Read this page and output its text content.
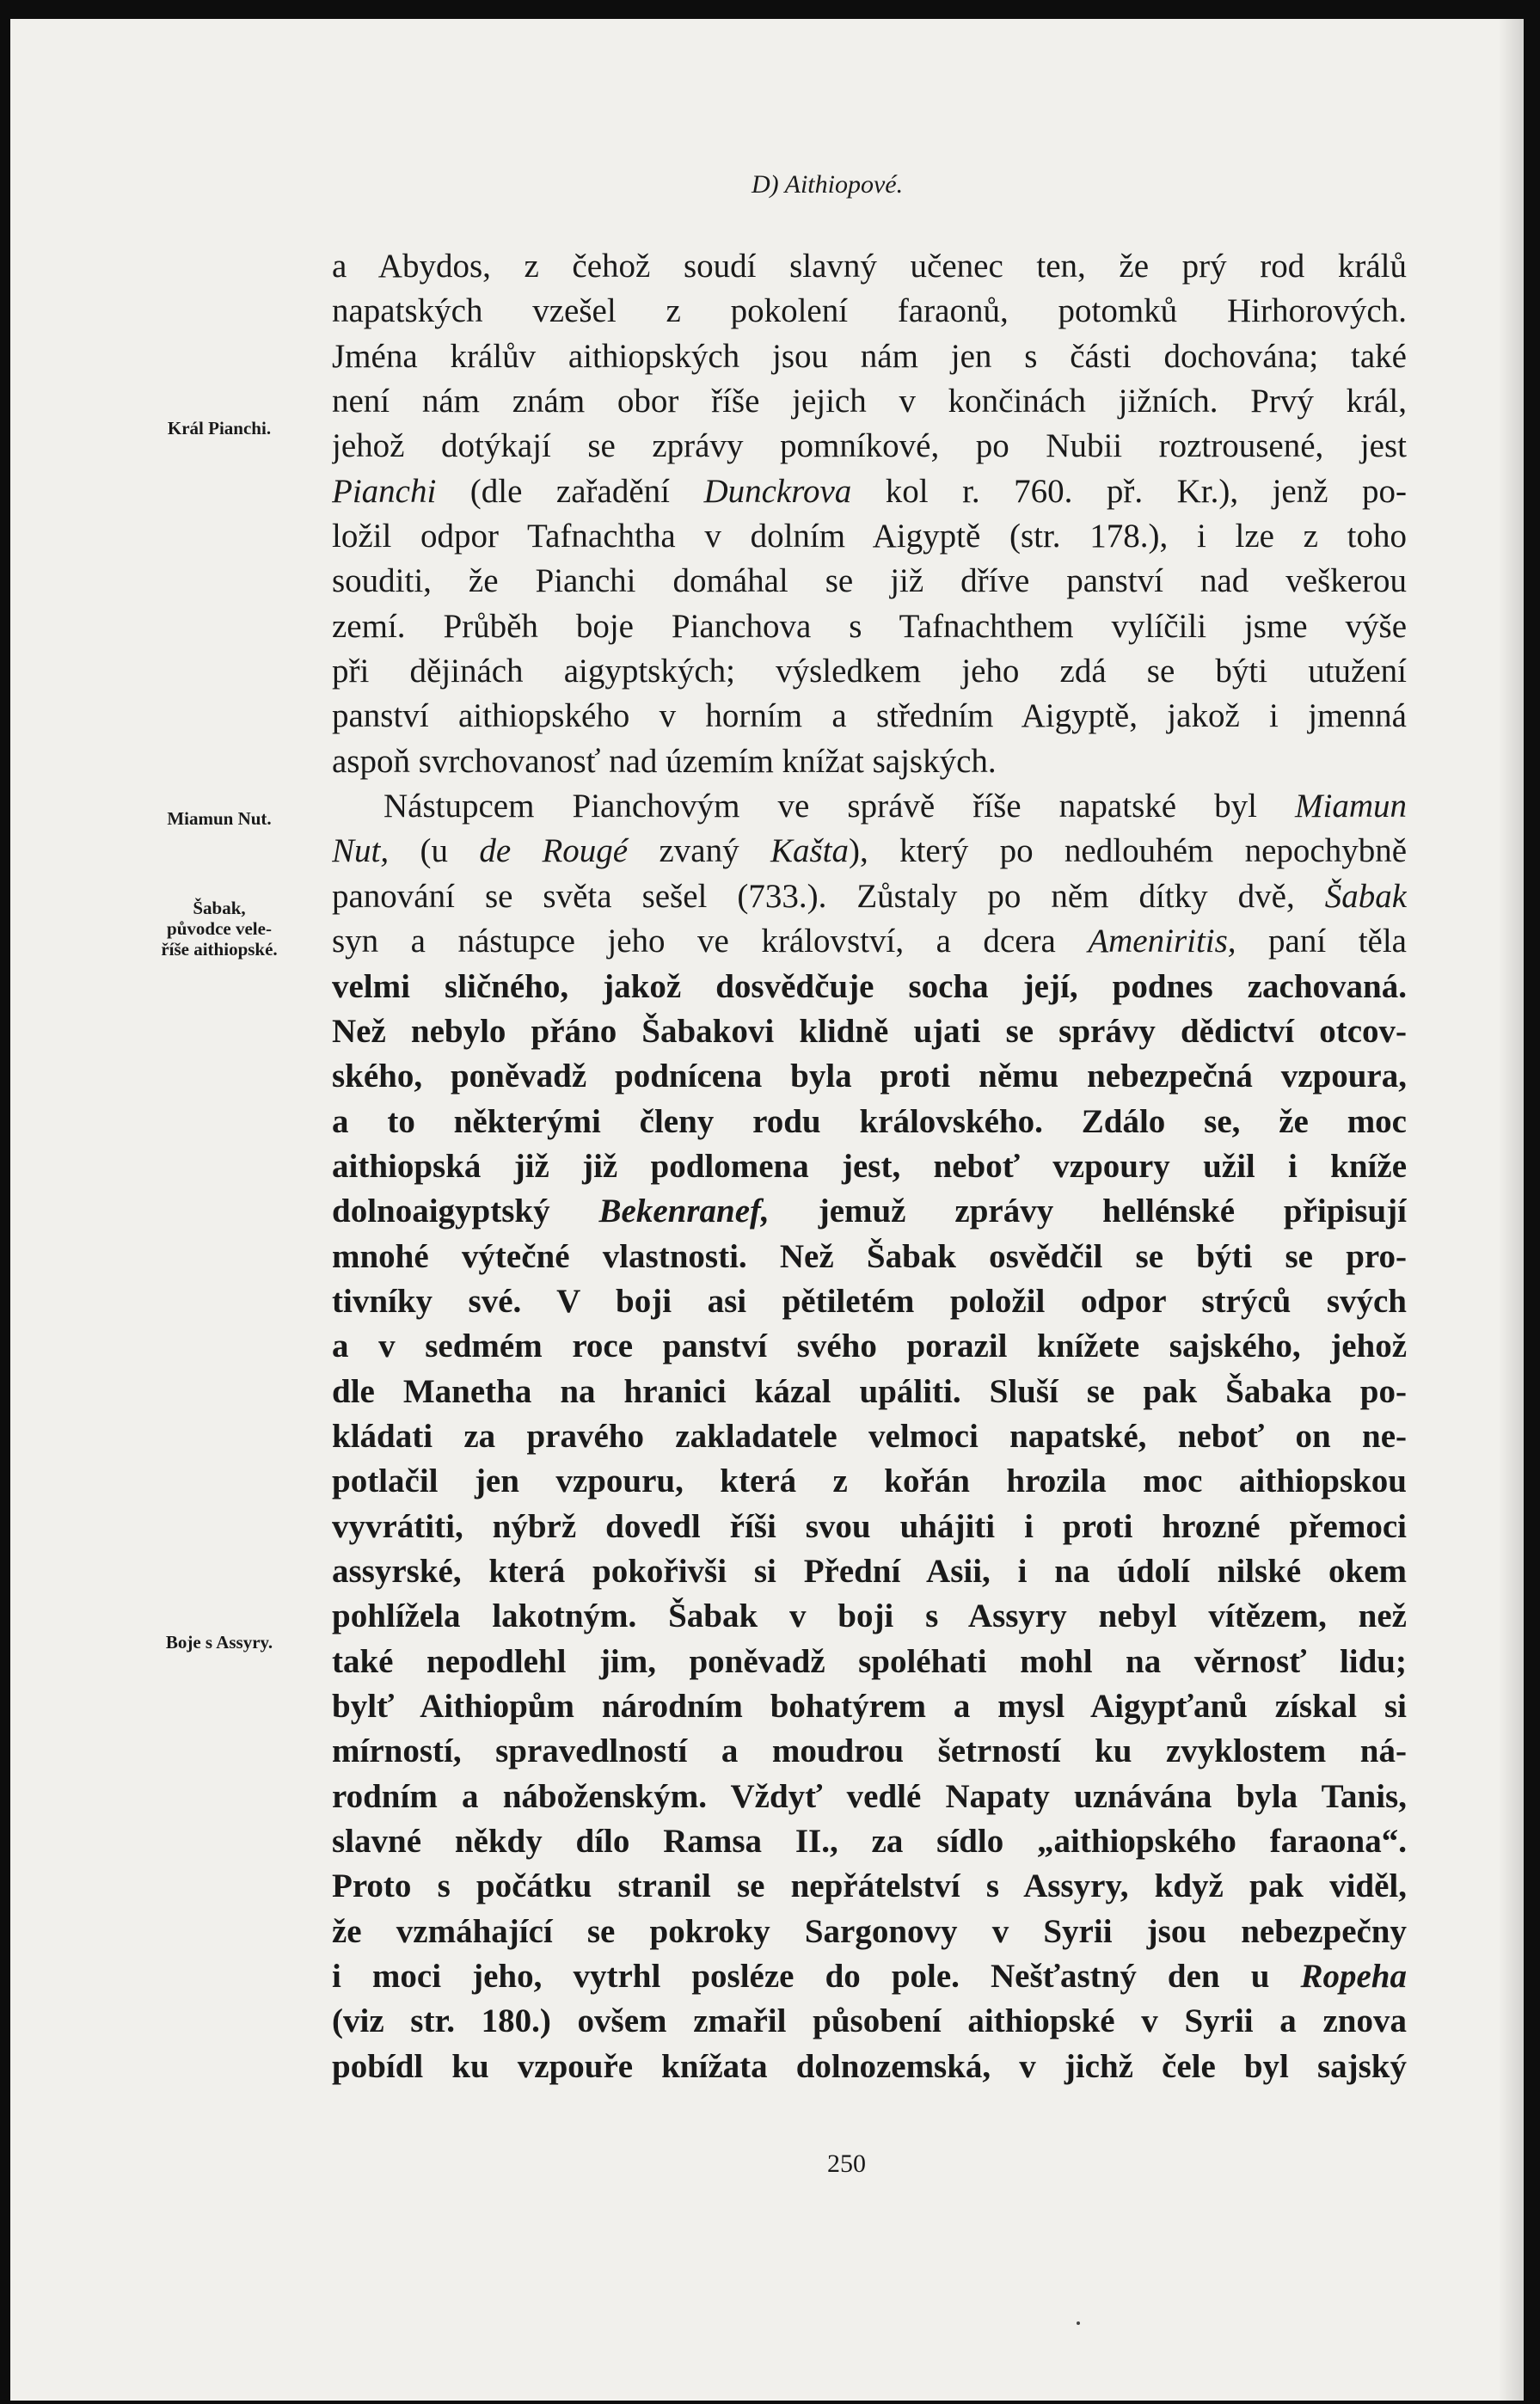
D) Aithiopové.
Král Pianchi.
Miamun Nut.
Šabak,
původce vele-
říše aithiopské.
Boje s Assyry.
a Abydos, z čehož soudí slavný učenec ten, že prý rod králů
napatských vzešel z pokolení faraonů, potomků Hirhorových.
Jména králův aithiopských jsou nám jen s části dochována; také
není nám znám obor říše jejich v končinách jižních. Prvý král,
jehož dotýkají se zprávy pomníkové, po Nubii roztrousené, jest
Pianchi (dle zařadění Dunckrova kol r. 760. př. Kr.), jenž po-
ložil odpor Tafnachtha v dolním Aigyptě (str. 178.), i lze z toho
souditi, že Pianchi domáhal se již dříve panství nad veškerou
zemí. Průběh boje Pianchova s Tafnachthem vylíčili jsme výše
při dějinách aigyptských; výsledkem jeho zdá se býti utužení
panství aithiopského v horním a středním Aigyptě, jakož i jmenná
aspoň svrchovanosť nad územím knížat sajských.
Nástupcem Pianchovým ve správě říše napatské byl Miamun
Nut, (u de Rougé zvaný Kašta), který po nedlouhém nepochybně
panování se světa sešel (733.). Zůstaly po něm dítky dvě, Šabak
syn a nástupce jeho ve království, a dcera Ameniritis, paní těla
velmi sličného, jakož dosvědčuje socha její, podnes zachovaná.
Než nebylo přáno Šabakovi klidně ujati se správy dědictví otcov-
ského, poněvadž podnícena byla proti němu nebezpečná vzpoura,
a to některými členy rodu královského. Zdálo se, že moc
aithiopská již již podlomena jest, neboť vzpoury užil i kníže
dolnoaigyptský Bekenranef, jemuž zprávy hellénské připisují
mnohé výtečné vlastnosti. Než Šabak osvědčil se býti se pro-
tivníky své. V boji asi pětiletém položil odpor strýců svých
a v sedmém roce panství svého porazil knížete sajského, jehož
dle Manetha na hranici kázal upáliti. Sluší se pak Šabaka po-
kládati za pravého zakladatele velmoci napatské, neboť on ne-
potlačil jen vzpouru, která z kořán hrozila moc aithiopskou
vyvrátiti, nýbrž dovedl říši svou uhájiti i proti hrozné přemoci
assyrské, která pokořivši si Přední Asii, i na údolí nilské okem
pohlížela lakotným. Šabak v boji s Assyry nebyl vítězem, než
také nepodlehl jim, poněvadž spoléhati mohl na věrnosť lidu;
bylť Aithiopům národním bohatýrem a mysl Aigypťanů získal si
mírností, spravedlností a moudrou šetrností ku zvyklostem ná-
rodním a náboženským. Vždyť vedlé Napaty uznávána byla Tanis,
slavné někdy dílo Ramsa II., za sídlo „aithiopského faraona“.
Proto s počátku stranil se nepřátelství s Assyry, když pak viděl,
že vzmáhající se pokroky Sargonovy v Syrii jsou nebezpečny
i moci jeho, vytrhl posléze do pole. Nešťastný den u Ropeha
(viz str. 180.) ovšem zmařil působení aithiopské v Syrii a znova
pobídl ku vzpouře knížata dolnozemská, v jichž čele byl sajský
250
